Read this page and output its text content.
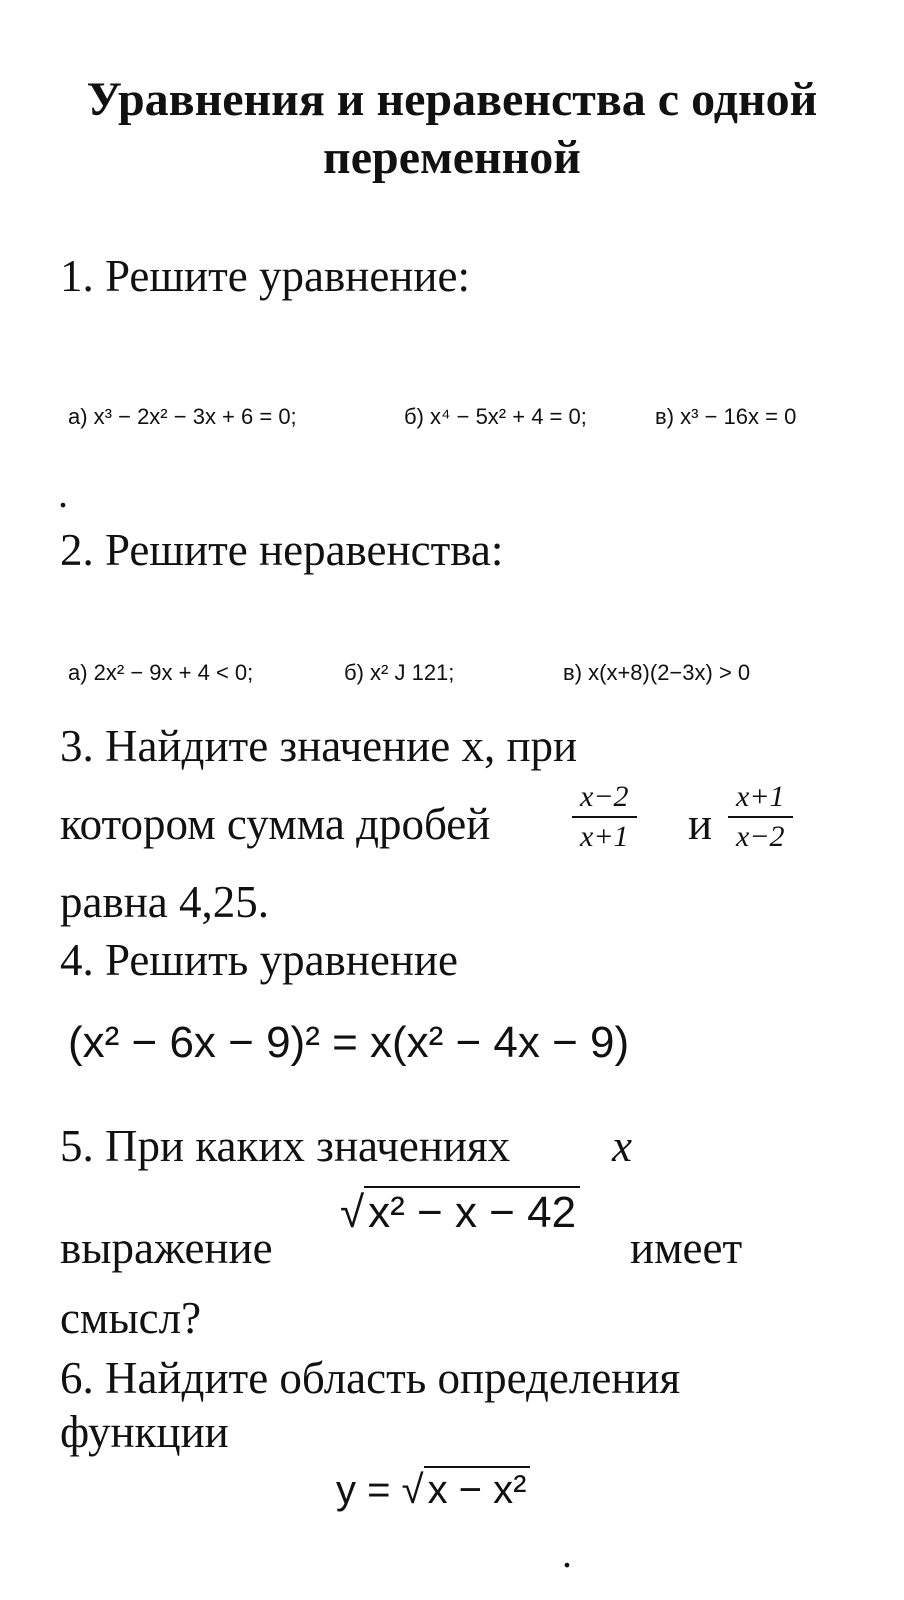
Уравнения и неравенства с одной
переменной
1. Решите уравнение:
а) x³ − 2x² − 3x + 6 = 0;	б) x⁴ − 5x² + 4 = 0;	в) x³ − 16x = 0
.
2. Решите неравенства:
а) 2x² − 9x + 4 < 0;	б) x² J 121;	в) x(x+8)(2−3x) > 0
3. Найдите значение х, при
котором сумма дробей	$\frac{x-2}{x+1}$ и $\frac{x+1}{x-2}$
равна 4,25.
4. Решить уравнение
(x² − 6x − 9)² = x(x² − 4x − 9)
5. При каких значениях x
выражение
√ x² − x − 42
имеет
смысл?
6. Найдите область определения
функции
y = √ x − x²
.
